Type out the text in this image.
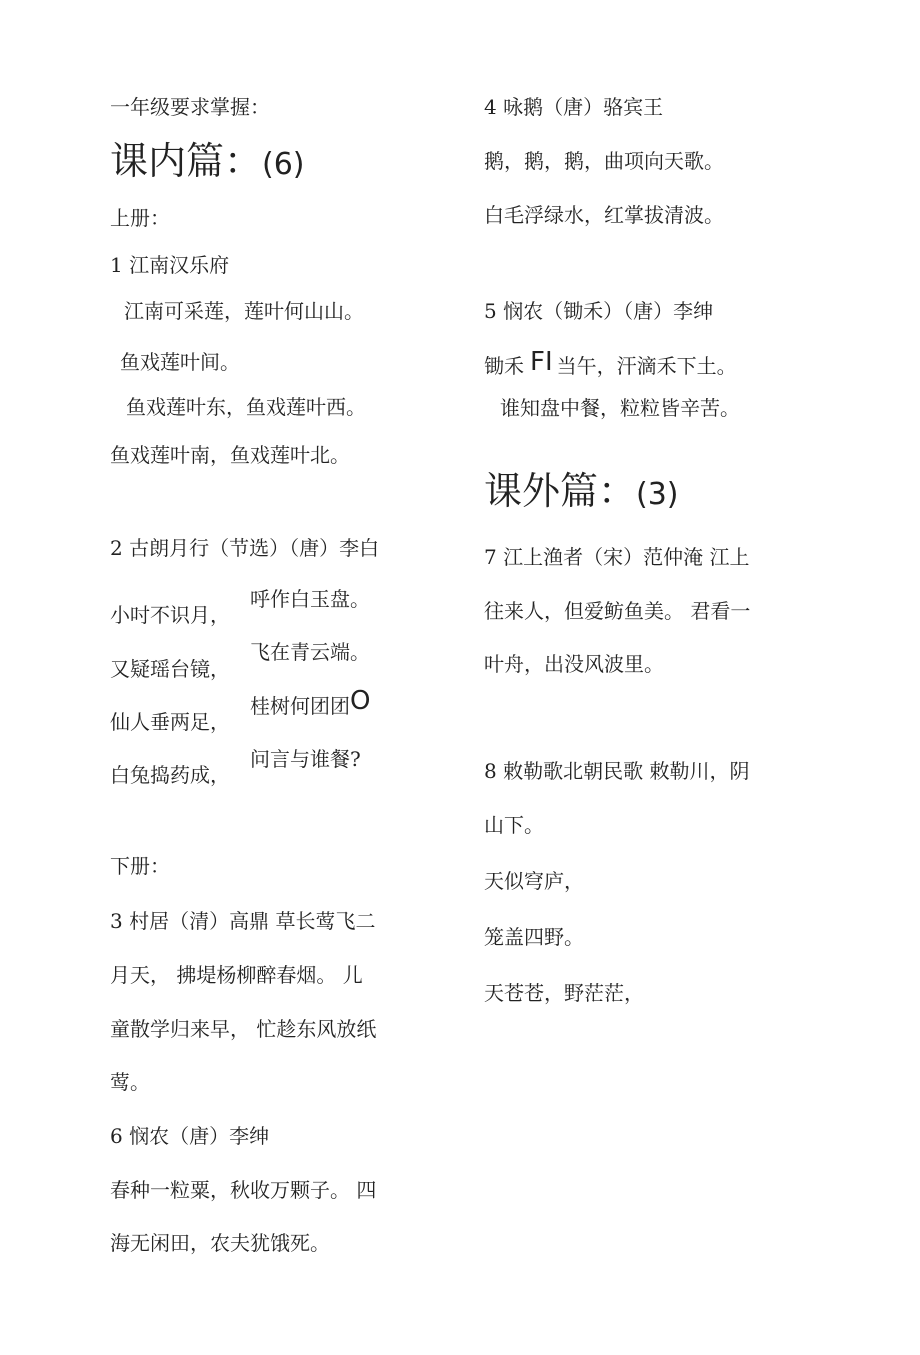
一年级要求掌握：
课内篇：(6)
上册：
1 江南汉乐府
江南可采莲，莲叶何山山。
鱼戏莲叶间。
鱼戏莲叶东，鱼戏莲叶西。
鱼戏莲叶南，鱼戏莲叶北。
2 古朗月行（节选）（唐）李白
小吋不识月，
又疑瑶台镜，
仙人垂两足，
白兔捣药成，
呼作白玉盘。
飞在青云端。
桂树何团团O
问言与谁餐?
下册：
3 村居（清）高鼎 草长莺飞二
月天， 拂堤杨柳醉春烟。 儿
童散学归来早， 忙趁东风放纸
莺。
6 悯农（唐）李绅
春种一粒粟，秋收万颗子。 四
海无闲田，农夫犹饿死。
4 咏鹅（唐）骆宾王
鹅，鹅，鹅，曲项向天歌。
白毛浮绿水，红掌拔清波。
5 悯农（锄禾）（唐）李绅
锄禾 FI 当午，汗滴禾下土。
谁知盘中餐，粒粒皆辛苦。
课外篇：(3)
7 江上渔者（宋）范仲淹 江上
往来人，但爱鲂鱼美。 君看一
叶舟，出没风波里。
8 敕勒歌北朝民歌 敕勒川，阴
山下。
天似穹庐，
笼盖四野。
天苍苍，野茫茫，
